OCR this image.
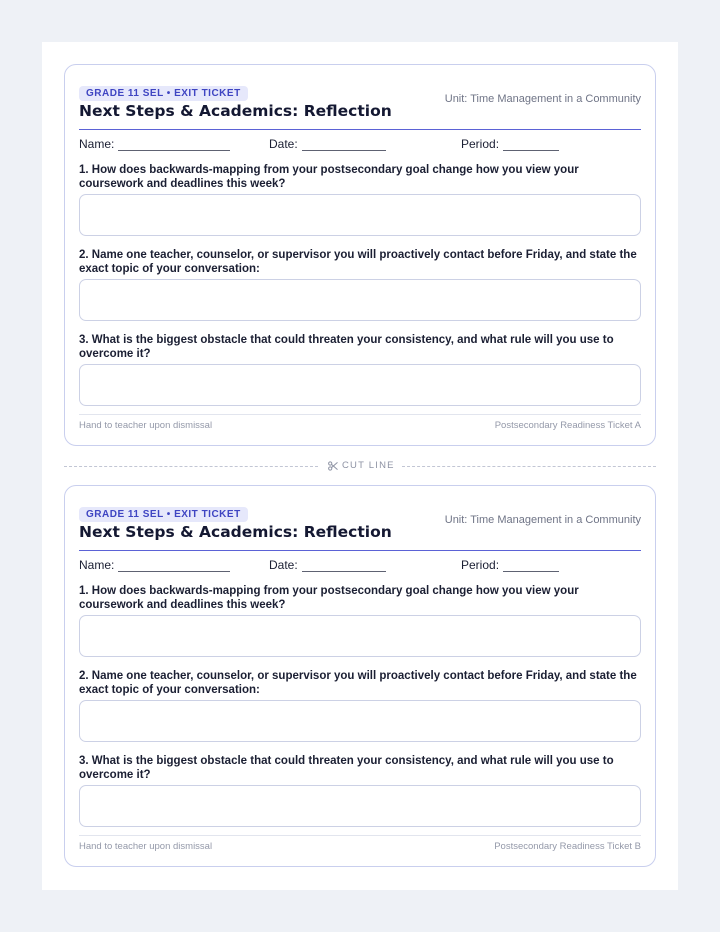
GRADE 11 SEL • EXIT TICKET
Next Steps & Academics: Reflection
Unit: Time Management in a Community
Name:	Date:	Period:

1. How does backwards-mapping from your postsecondary goal change how you view your coursework and deadlines this week?

2. Name one teacher, counselor, or supervisor you will proactively contact before Friday, and state the exact topic of your conversation:

3. What is the biggest obstacle that could threaten your consistency, and what rule will you use to overcome it?

Hand to teacher upon dismissal	Postsecondary Readiness Ticket A
CUT LINE
GRADE 11 SEL • EXIT TICKET
Next Steps & Academics: Reflection
Unit: Time Management in a Community
Name:	Date:	Period:

1. How does backwards-mapping from your postsecondary goal change how you view your coursework and deadlines this week?

2. Name one teacher, counselor, or supervisor you will proactively contact before Friday, and state the exact topic of your conversation:

3. What is the biggest obstacle that could threaten your consistency, and what rule will you use to overcome it?

Hand to teacher upon dismissal	Postsecondary Readiness Ticket B
